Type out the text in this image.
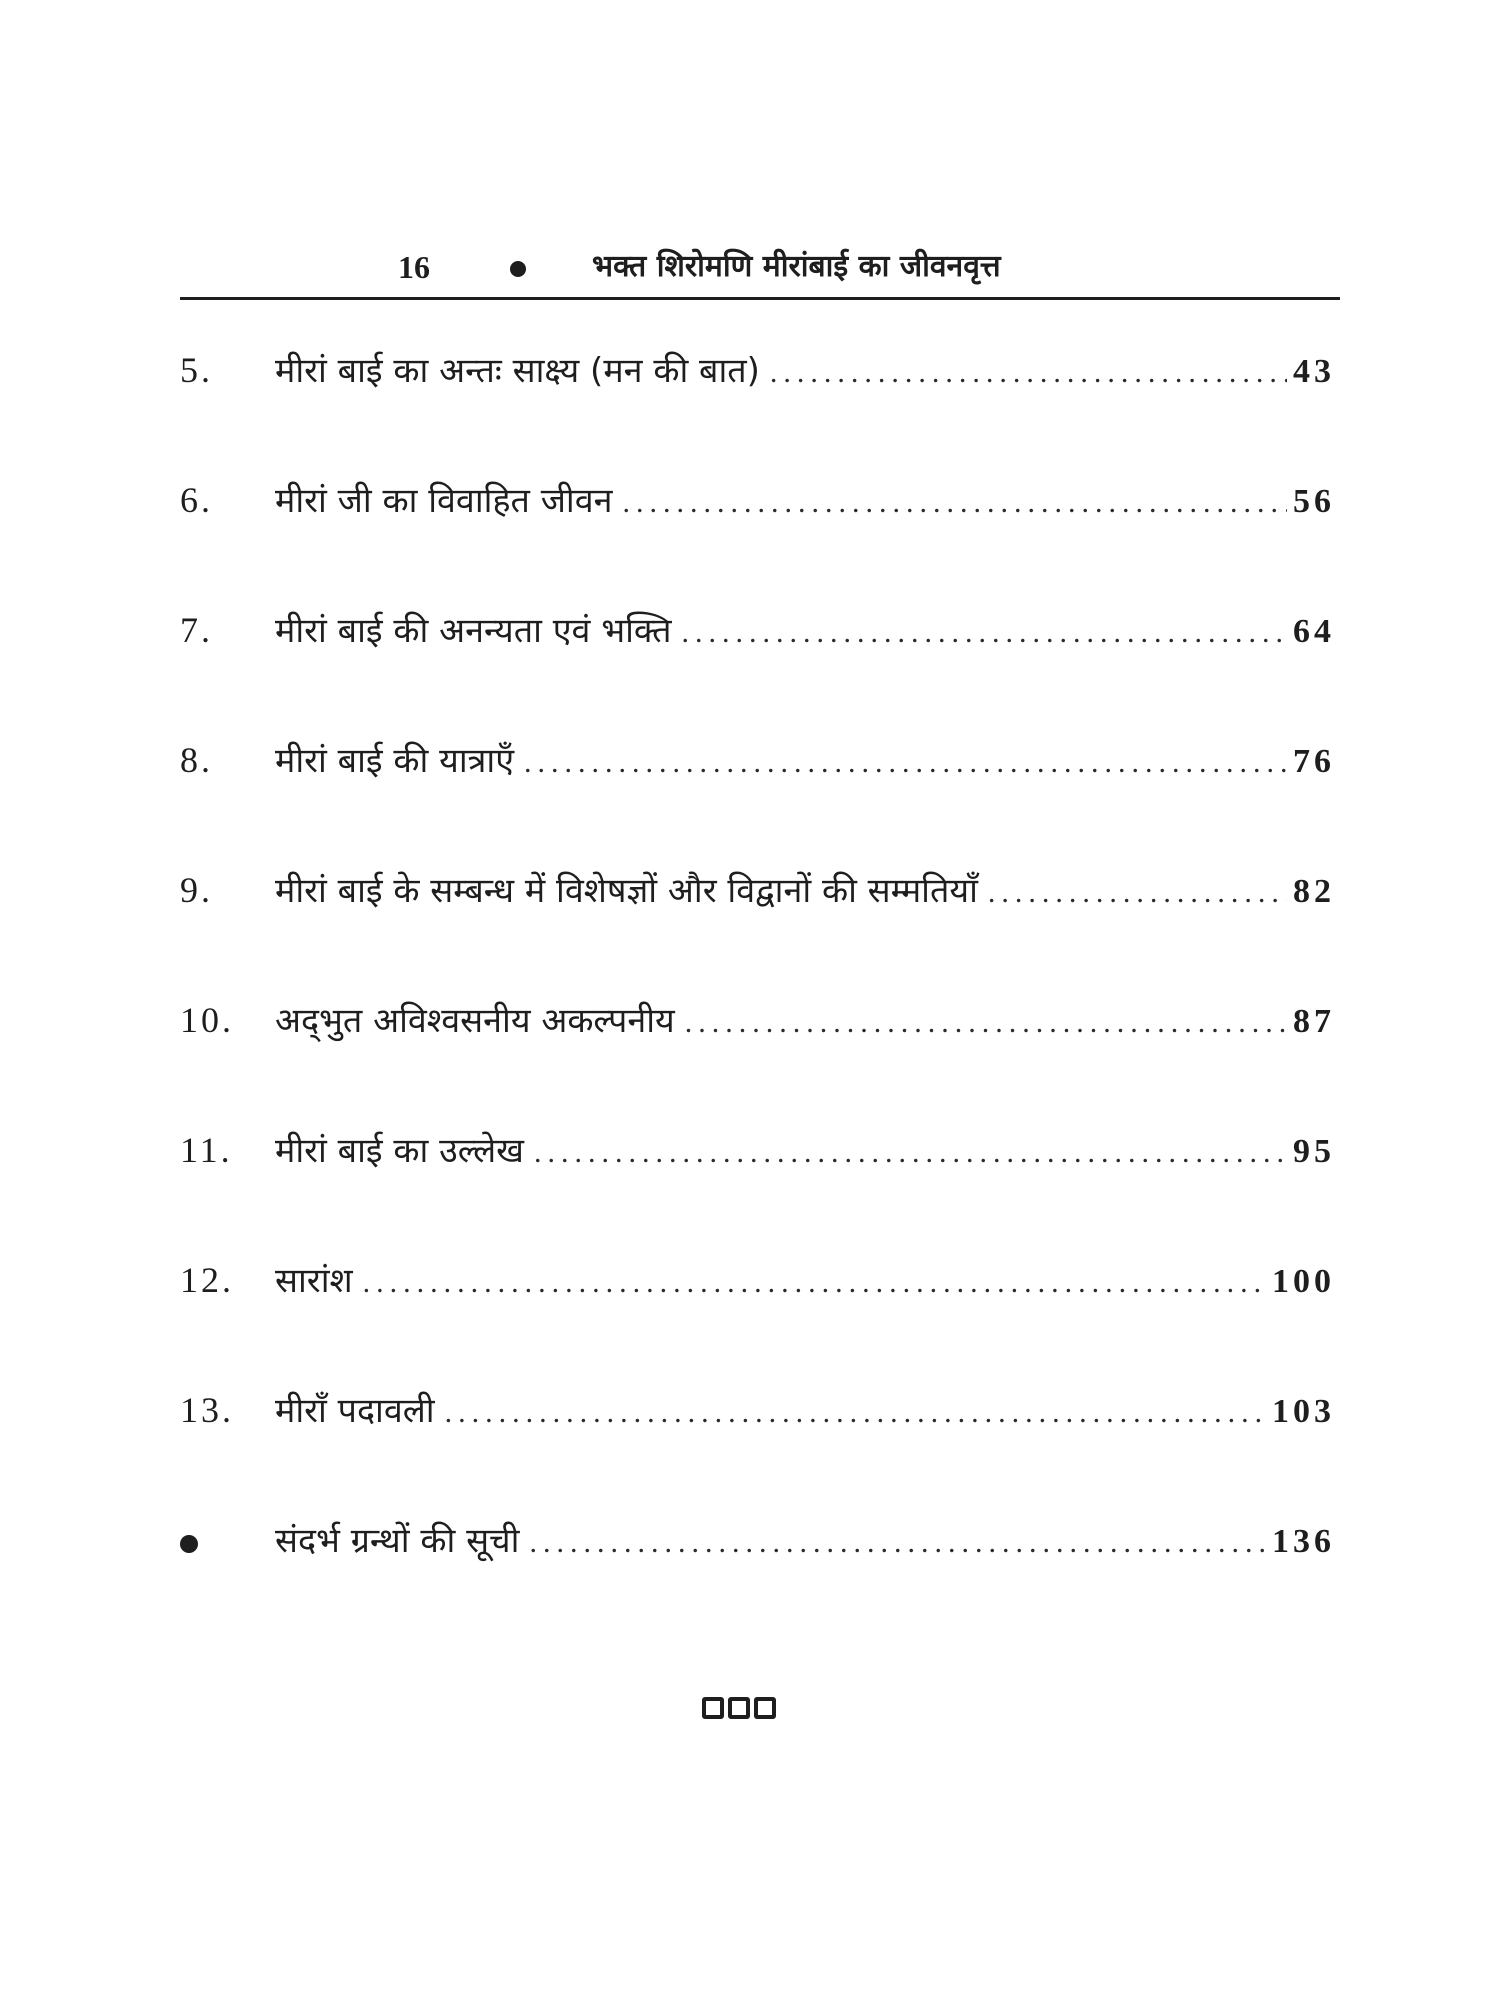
16	भक्त शिरोमणि मीरांबाई का जीवनवृत्त
5.	मीरां बाई का अन्तः साक्ष्य (मन की बात) .....	43
6.	मीरां जी का विवाहित जीवन .....	56
7.	मीरां बाई की अनन्यता एवं भक्ति .....	64
8.	मीरां बाई की यात्राएँ .....	76
9.	मीरां बाई के सम्बन्ध में विशेषज्ञों और विद्वानों की सम्मतियाँ .....	82
10.	अद्‌भुत अविश्वसनीय अकल्पनीय .....	87
11.	मीरां बाई का उल्लेख .....	95
12.	सारांश .....	100
13.	मीराँ पदावली .....	103
संदर्भ ग्रन्थों की सूची .....	136
